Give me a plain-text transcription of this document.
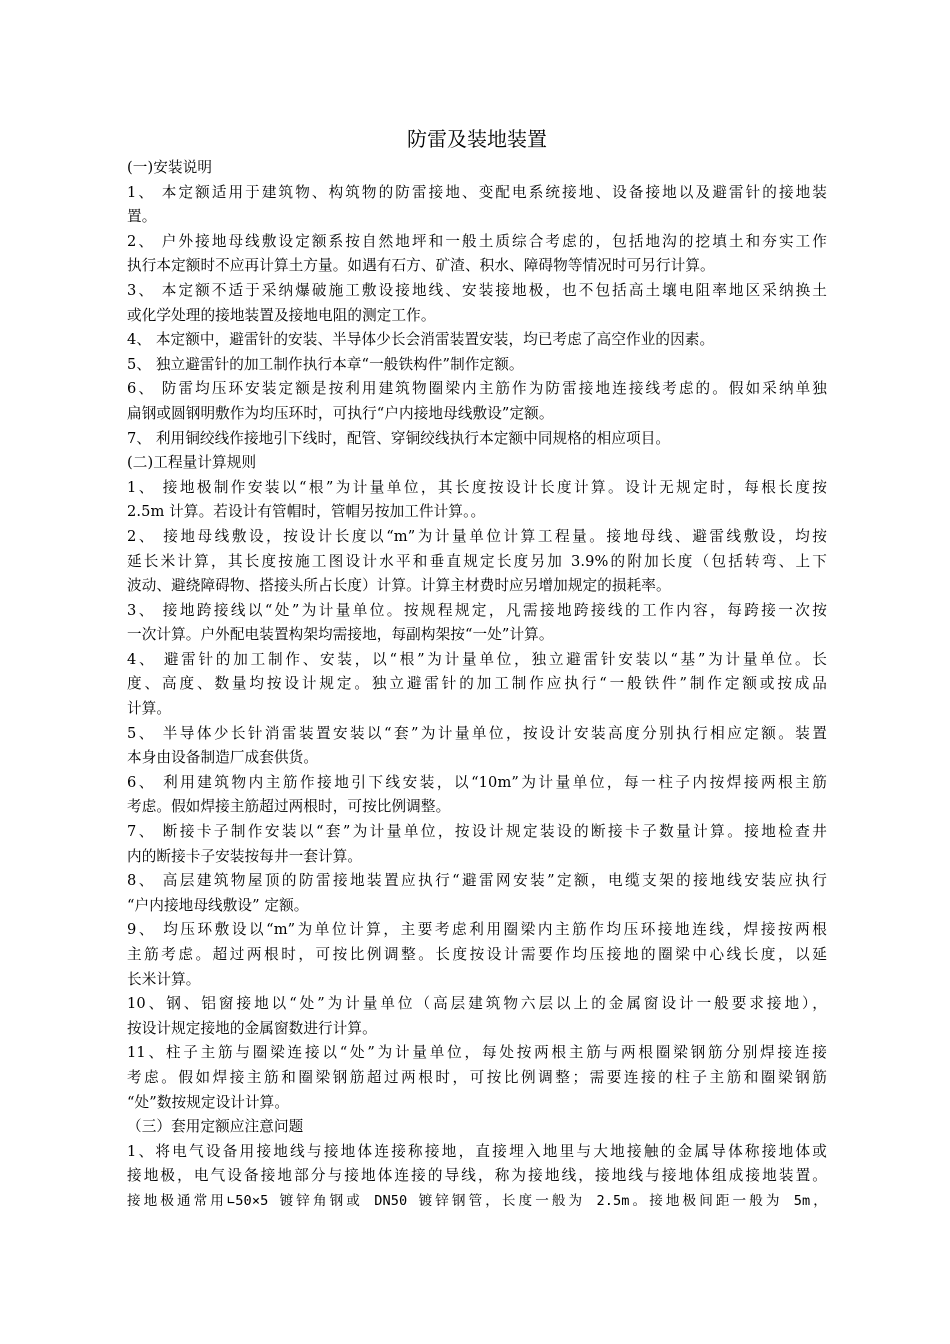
防雷及装地装置
(一)安装说明
1、 本定额适用于建筑物、构筑物的防雷接地、变配电系统接地、设备接地以及避雷针的接地装
置。
2、 户外接地母线敷设定额系按自然地坪和一般土质综合考虑的，包括地沟的挖填土和夯实工作
执行本定额时不应再计算土方量。如遇有石方、矿渣、积水、障碍物等情况时可另行计算。
3、 本定额不适于采纳爆破施工敷设接地线、安装接地极，也不包括高土壤电阻率地区采纳换土
或化学处理的接地装置及接地电阻的测定工作。
4、 本定额中，避雷针的安装、半导体少长会消雷装置安装，均已考虑了高空作业的因素。
5、 独立避雷针的加工制作执行本章“一般铁构件”制作定额。
6、 防雷均压环安装定额是按利用建筑物圈梁内主筋作为防雷接地连接线考虑的。假如采纳单独
扁钢或圆钢明敷作为均压环时，可执行“户内接地母线敷设”定额。
7、 利用铜绞线作接地引下线时，配管、穿铜绞线执行本定额中同规格的相应项目。
(二)工程量计算规则
1、 接地极制作安装以“根”为计量单位，其长度按设计长度计算。设计无规定时，每根长度按
2.5m 计算。若设计有管帽时，管帽另按加工件计算。。
2、 接地母线敷设，按设计长度以“m”为计量单位计算工程量。接地母线、避雷线敷设，均按
延长米计算，其长度按施工图设计水平和垂直规定长度另加 3.9%的附加长度（包括转弯、上下
波动、避绕障碍物、搭接头所占长度）计算。计算主材费时应另增加规定的损耗率。
3、 接地跨接线以“处”为计量单位。按规程规定，凡需接地跨接线的工作内容，每跨接一次按
一次计算。户外配电装置构架均需接地，每副构架按“一处”计算。
4、 避雷针的加工制作、安装，以“根”为计量单位，独立避雷针安装以“基”为计量单位。长
度、高度、数量均按设计规定。独立避雷针的加工制作应执行“一般铁件”制作定额或按成品
计算。
5、 半导体少长针消雷装置安装以“套”为计量单位，按设计安装高度分别执行相应定额。装置
本身由设备制造厂成套供货。
6、 利用建筑物内主筋作接地引下线安装，以“10m”为计量单位，每一柱子内按焊接两根主筋
考虑。假如焊接主筋超过两根时，可按比例调整。
7、 断接卡子制作安装以“套”为计量单位，按设计规定装设的断接卡子数量计算。接地检查井
内的断接卡子安装按每井一套计算。
8、 高层建筑物屋顶的防雷接地装置应执行“避雷网安装”定额，电缆支架的接地线安装应执行
“户内接地母线敷设” 定额。
9、 均压环敷设以“m”为单位计算，主要考虑利用圈梁内主筋作均压环接地连线，焊接按两根
主筋考虑。超过两根时，可按比例调整。长度按设计需要作均压接地的圈梁中心线长度，以延
长米计算。
10、钢、铝窗接地以“处”为计量单位（高层建筑物六层以上的金属窗设计一般要求接地），
按设计规定接地的金属窗数进行计算。
11、柱子主筋与圈梁连接以“处”为计量单位，每处按两根主筋与两根圈梁钢筋分别焊接连接
考虑。假如焊接主筋和圈梁钢筋超过两根时，可按比例调整；需要连接的柱子主筋和圈梁钢筋
“处”数按规定设计计算。
（三）套用定额应注意问题
1、将电气设备用接地线与接地体连接称接地，直接埋入地里与大地接触的金属导体称接地体或
接地极，电气设备接地部分与接地体连接的导线，称为接地线，接地线与接地体组成接地装置。
接地极通常用∟50×5 镀锌角钢或 DN50 镀锌钢管，长度一般为 2.5m。接地极间距一般为 5m，
